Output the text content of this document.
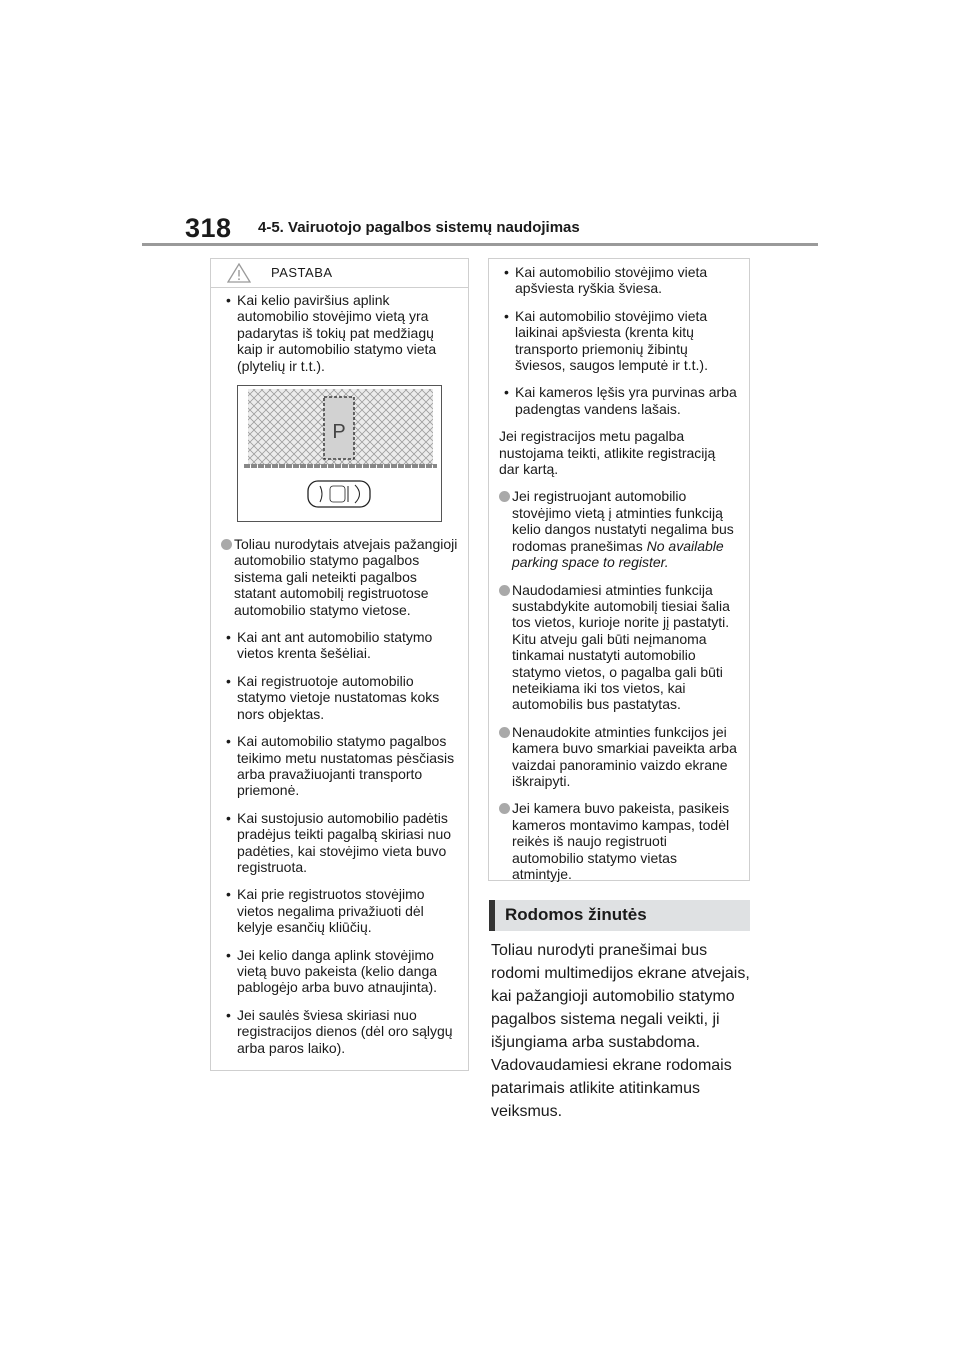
318 4-5. Vairuotojo pagalbos sistemų naudojimas
PASTABA
• Kai kelio paviršius aplink automobilio stovėjimo vietą yra padarytas iš tokių pat medžiagų kaip ir automobilio statymo vieta (plytelių ir t.t.).
P
Toliau nurodytais atvejais pažangioji automobilio statymo pagalbos sistema gali neteikti pagalbos statant automobilį registruotose automobilio statymo vietose.
• Kai ant ant automobilio statymo vietos krenta šešėliai.
• Kai registruotoje automobilio statymo vietoje nustatomas koks nors objektas.
• Kai automobilio statymo pagalbos teikimo metu nustatomas pėsčiasis arba pravažiuojanti transporto priemonė.
• Kai sustojusio automobilio padėtis pradėjus teikti pagalbą skiriasi nuo padėties, kai stovėjimo vieta buvo registruota.
• Kai prie registruotos stovėjimo vietos negalima privažiuoti dėl kelyje esančių kliūčių.
• Jei kelio danga aplink stovėjimo vietą buvo pakeista (kelio danga pablogėjo arba buvo atnaujinta).
• Jei saulės šviesa skiriasi nuo registracijos dienos (dėl oro sąlygų arba paros laiko).
• Kai automobilio stovėjimo vieta apšviesta ryškia šviesa.
• Kai automobilio stovėjimo vieta laikinai apšviesta (krenta kitų transporto priemonių žibintų šviesos, saugos lemputė ir t.t.).
• Kai kameros lęšis yra purvinas arba padengtas vandens lašais.
Jei registracijos metu pagalba nustojama teikti, atlikite registraciją dar kartą.
Jei registruojant automobilio stovėjimo vietą į atminties funkciją kelio dangos nustatyti negalima bus rodomas pranešimas No available parking space to register.
Naudodamiesi atminties funkcija sustabdykite automobilį tiesiai šalia tos vietos, kurioje norite jį pastatyti. Kitu atveju gali būti neįmanoma tinkamai nustatyti automobilio statymo vietos, o pagalba gali būti neteikiama iki tos vietos, kai automobilis bus pastatytas.
Nenaudokite atminties funkcijos jei kamera buvo smarkiai paveikta arba vaizdai panoraminio vaizdo ekrane iškraipyti.
Jei kamera buvo pakeista, pasikeis kameros montavimo kampas, todėl reikės iš naujo registruoti automobilio statymo vietas atmintyje.
Rodomos žinutės
Toliau nurodyti pranešimai bus rodomi multimedijos ekrane atvejais, kai pažangioji automobilio statymo pagalbos sistema negali veikti, ji išjungiama arba sustabdoma. Vadovaudamiesi ekrane rodomais patarimais atlikite atitinkamus veiksmus.
